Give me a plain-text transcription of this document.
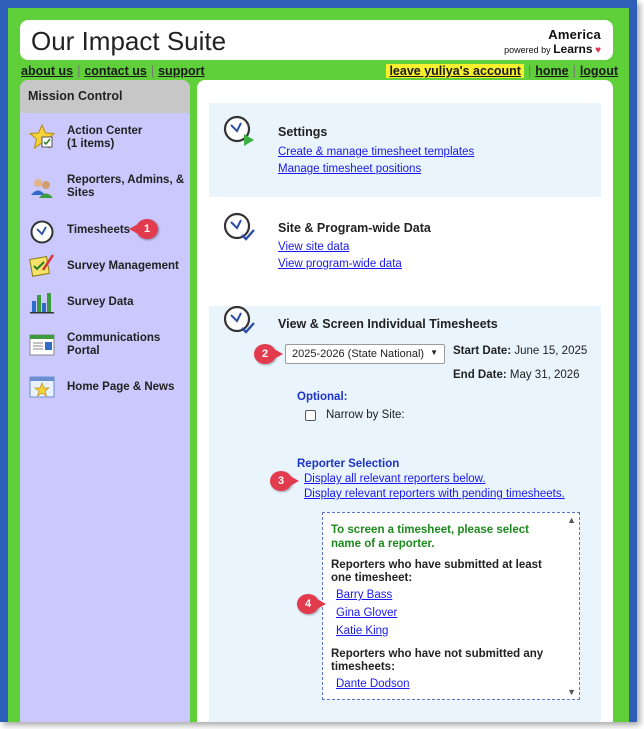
Our Impact Suite	America
powered by Learns ♥
about us | contact us | support	leave yuliya's account | home | logout
Mission Control
Action Center
(1 items)
Reporters, Admins, & Sites
Timesheets
Survey Management
Survey Data
Communications Portal
Home Page & News
Settings
Create & manage timesheet templates
Manage timesheet positions
Site & Program-wide Data
View site data
View program-wide data
View & Screen Individual Timesheets
2025-2026 (State National) ▼ Start Date: June 15, 2025
End Date: May 31, 2026
Optional:
Narrow by Site:
Reporter Selection
Display all relevant reporters below.
Display relevant reporters with pending timesheets.
To screen a timesheet, please select name of a reporter.
Reporters who have submitted at least one timesheet:
Barry Bass
Gina Glover
Katie King
Reporters who have not submitted any timesheets:
Dante Dodson
▲
▼
1
2
3
4
